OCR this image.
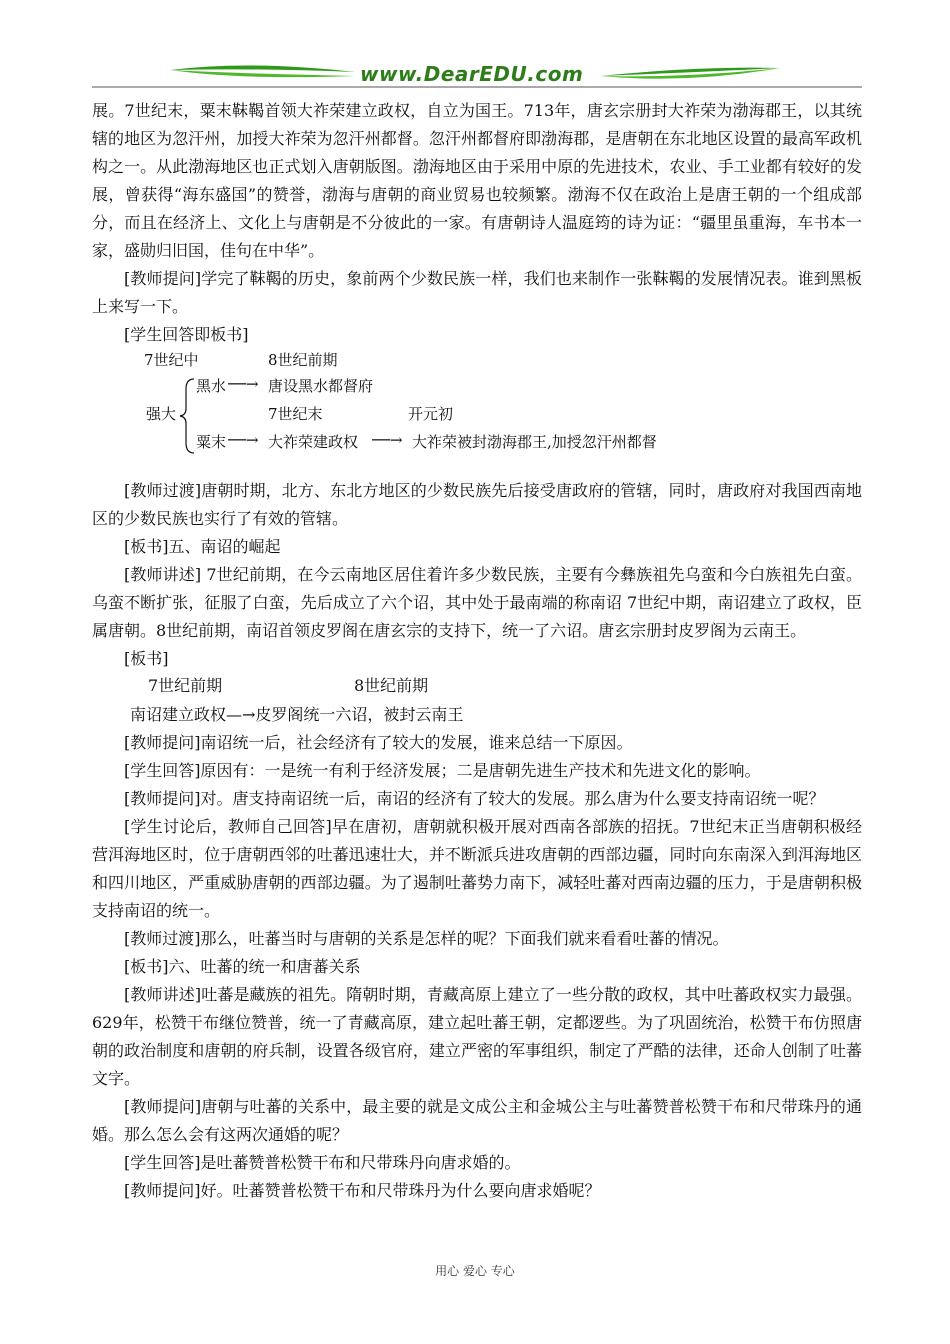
www.DearEDU.com

展。7世纪末，粟末靺鞨首领大祚荣建立政权，自立为国王。713年，唐玄宗册封大祚荣为渤海郡王，以其统辖的地区为忽汗州，加授大祚荣为忽汗州都督。忽汗州都督府即渤海郡，是唐朝在东北地区设置的最高军政机构之一。从此渤海地区也正式划入唐朝版图。渤海地区由于采用中原的先进技术，农业、手工业都有较好的发展，曾获得“海东盛国”的赞誉，渤海与唐朝的商业贸易也较频繁。渤海不仅在政治上是唐王朝的一个组成部分，而且在经济上、文化上与唐朝是不分彼此的一家。有唐朝诗人温庭筠的诗为证：“疆里虽重海，车书本一家，盛勋归旧国，佳句在中华”。

[教师提问]学完了靺鞨的历史，象前两个少数民族一样，我们也来制作一张靺鞨的发展情况表。谁到黑板上来写一下。

[学生回答即板书]

7世纪中	8世纪前期
黑水 ──→ 唐设黑水都督府
强大	7世纪末	开元初
粟末 ──→ 大祚荣建政权 ──→ 大祚荣被封渤海郡王,加授忽汗州都督

[教师过渡]唐朝时期，北方、东北方地区的少数民族先后接受唐政府的管辖，同时，唐政府对我国西南地区的少数民族也实行了有效的管辖。

[板书]五、南诏的崛起

[教师讲述] 7世纪前期，在今云南地区居住着许多少数民族，主要有今彝族祖先乌蛮和今白族祖先白蛮。乌蛮不断扩张，征服了白蛮，先后成立了六个诏，其中处于最南端的称南诏 7世纪中期，南诏建立了政权，臣属唐朝。8世纪前期，南诏首领皮罗阁在唐玄宗的支持下，统一了六诏。唐玄宗册封皮罗阁为云南王。

[板书]

7世纪前期	8世纪前期

南诏建立政权—→皮罗阁统一六诏，被封云南王

[教师提问]南诏统一后，社会经济有了较大的发展，谁来总结一下原因。

[学生回答]原因有：一是统一有利于经济发展；二是唐朝先进生产技术和先进文化的影响。

[教师提问]对。唐支持南诏统一后，南诏的经济有了较大的发展。那么唐为什么要支持南诏统一呢？

[学生讨论后，教师自己回答]早在唐初，唐朝就积极开展对西南各部族的招抚。7世纪末正当唐朝积极经营洱海地区时，位于唐朝西邻的吐蕃迅速壮大，并不断派兵进攻唐朝的西部边疆，同时向东南深入到洱海地区和四川地区，严重威胁唐朝的西部边疆。为了遏制吐蕃势力南下，减轻吐蕃对西南边疆的压力，于是唐朝积极支持南诏的统一。

[教师过渡]那么，吐蕃当时与唐朝的关系是怎样的呢？下面我们就来看看吐蕃的情况。

[板书]六、吐蕃的统一和唐蕃关系

[教师讲述]吐蕃是藏族的祖先。隋朝时期，青藏高原上建立了一些分散的政权，其中吐蕃政权实力最强。629年，松赞干布继位赞普，统一了青藏高原，建立起吐蕃王朝，定都逻些。为了巩固统治，松赞干布仿照唐朝的政治制度和唐朝的府兵制，设置各级官府，建立严密的军事组织，制定了严酷的法律，还命人创制了吐蕃文字。

[教师提问]唐朝与吐蕃的关系中，最主要的就是文成公主和金城公主与吐蕃赞普松赞干布和尺带珠丹的通婚。那么怎么会有这两次通婚的呢？

[学生回答]是吐蕃赞普松赞干布和尺带珠丹向唐求婚的。

[教师提问]好。吐蕃赞普松赞干布和尺带珠丹为什么要向唐求婚呢？

用心 爱心 专心
